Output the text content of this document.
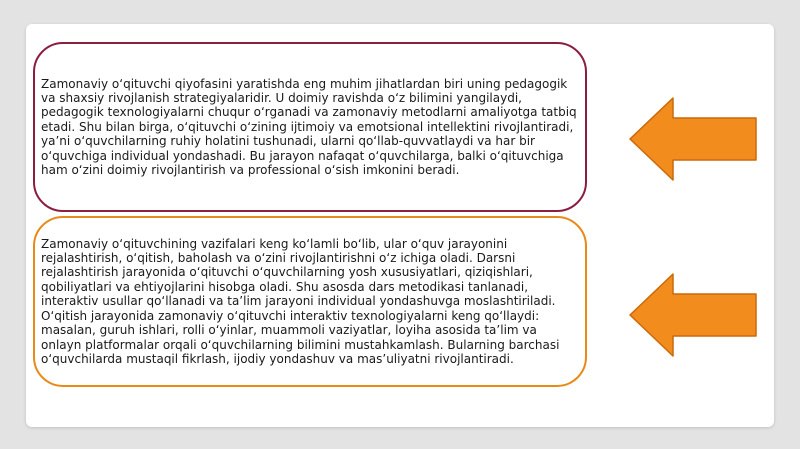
Zamonaviy o‘qituvchi qiyofasini yaratishda eng muhim jihatlardan biri uning pedagogik va shaxsiy rivojlanish strategiyalaridir. U doimiy ravishda o‘z bilimini yangilaydi, pedagogik texnologiyalarni chuqur o‘rganadi va zamonaviy metodlarni amaliyotga tatbiq etadi. Shu bilan birga, o‘qituvchi o‘zining ijtimoiy va emotsional intellektini rivojlantiradi, ya’ni o‘quvchilarning ruhiy holatini tushunadi, ularni qo‘llab-quvvatlaydi va har bir o‘quvchiga individual yondashadi. Bu jarayon nafaqat o‘quvchilarga, balki o‘qituvchiga ham o‘zini doimiy rivojlantirish va professional o‘sish imkonini beradi.

Zamonaviy o‘qituvchining vazifalari keng ko‘lamli bo‘lib, ular o‘quv jarayonini rejalashtirish, o‘qitish, baholash va o‘zini rivojlantirishni o‘z ichiga oladi. Darsni rejalashtirish jarayonida o‘qituvchi o‘quvchilarning yosh xususiyatlari, qiziqishlari, qobiliyatlari va ehtiyojlarini hisobga oladi. Shu asosda dars metodikasi tanlanadi, interaktiv usullar qo‘llanadi va ta’lim jarayoni individual yondashuvga moslashtiriladi. O‘qitish jarayonida zamonaviy o‘qituvchi interaktiv texnologiyalarni keng qo‘llaydi: masalan, guruh ishlari, rolli o‘yinlar, muammoli vaziyatlar, loyiha asosida ta’lim va onlayn platformalar orqali o‘quvchilarning bilimini mustahkamlash. Bularning barchasi o‘quvchilarda mustaqil fikrlash, ijodiy yondashuv va mas’uliyatni rivojlantiradi.
